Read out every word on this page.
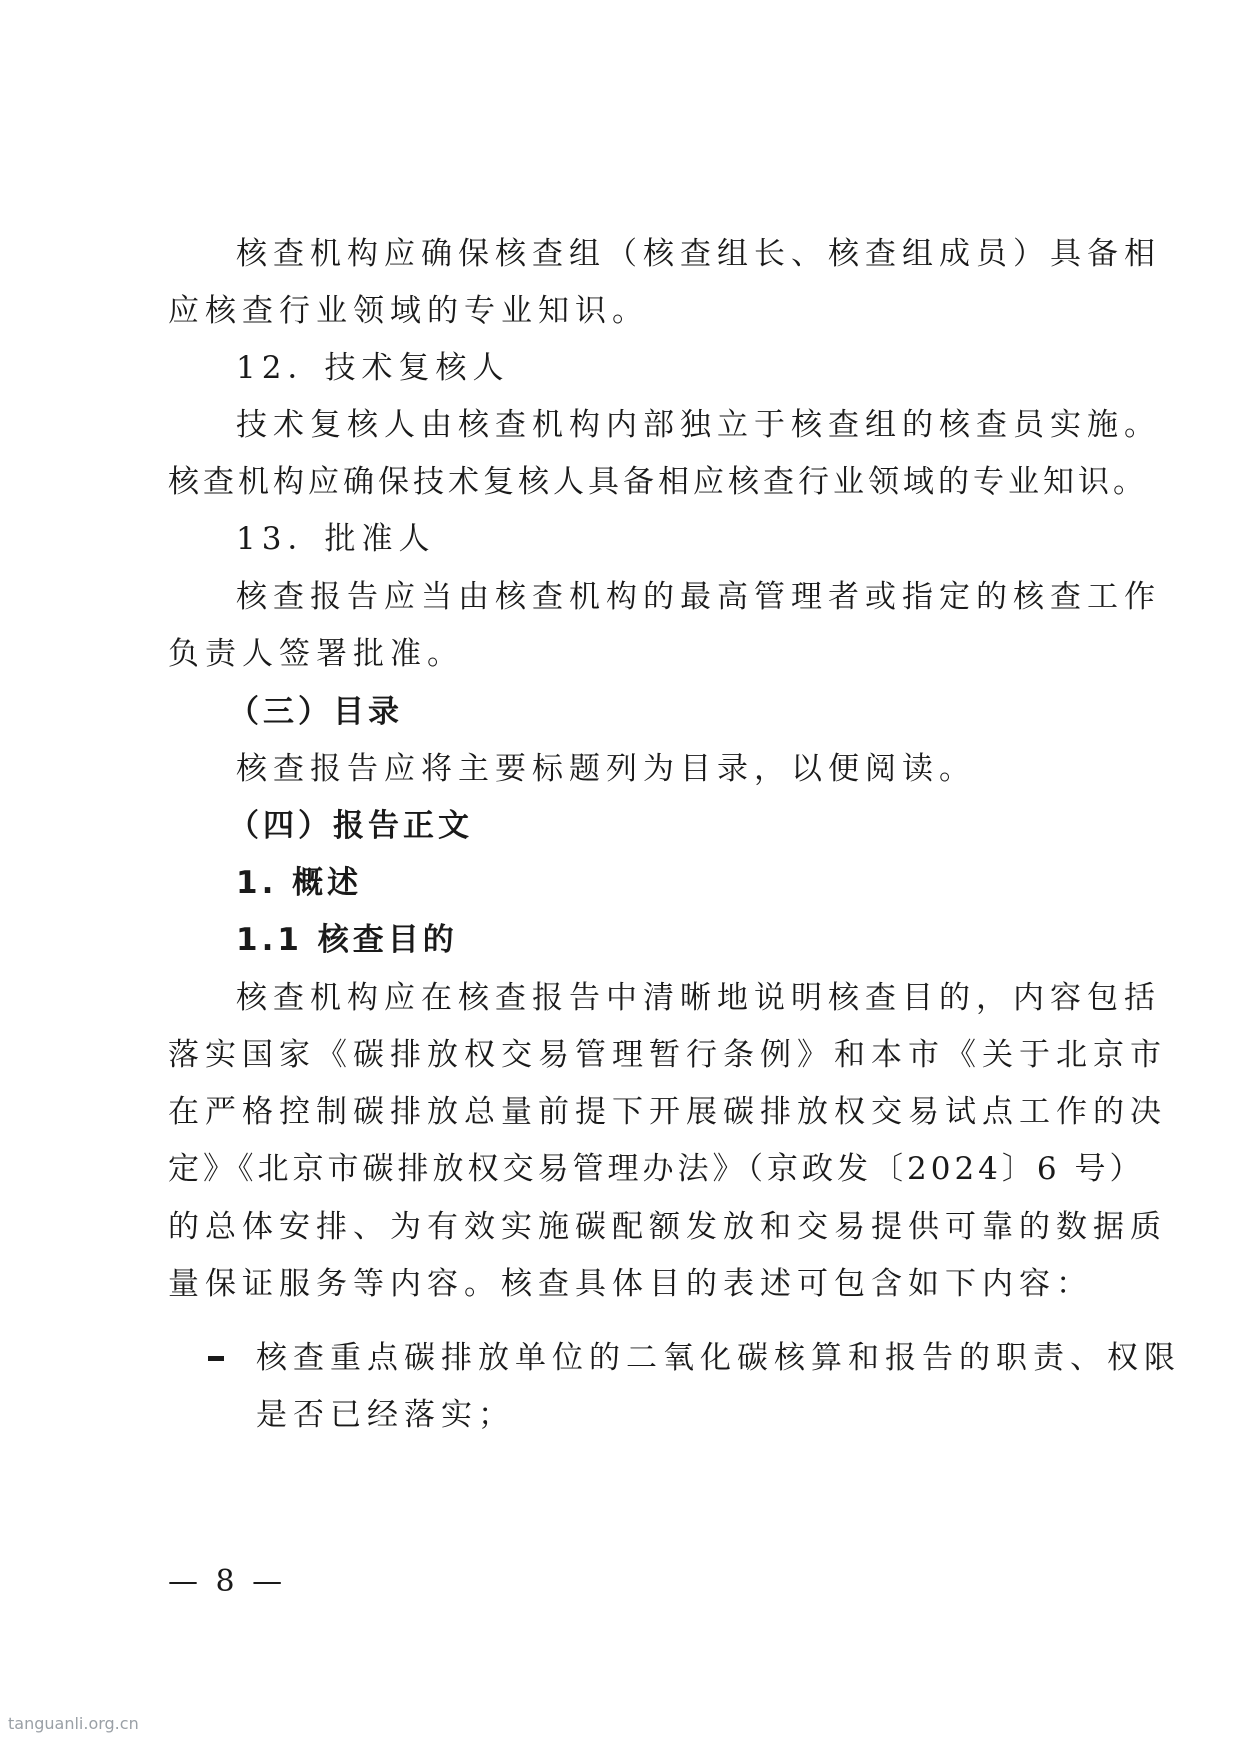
核查机构应确保核查组（核查组长、核查组成员）具备相
应核查行业领域的专业知识。
12．技术复核人
技术复核人由核查机构内部独立于核查组的核查员实施。
核查机构应确保技术复核人具备相应核查行业领域的专业知识。
13．批准人
核查报告应当由核查机构的最高管理者或指定的核查工作
负责人签署批准。
（三）目录
核查报告应将主要标题列为目录，以便阅读。
（四）报告正文
1. 概述
1.1 核查目的
核查机构应在核查报告中清晰地说明核查目的，内容包括
落实国家《碳排放权交易管理暂行条例》和本市《关于北京市
在严格控制碳排放总量前提下开展碳排放权交易试点工作的决
定》《北京市碳排放权交易管理办法》（京政发〔2024〕6 号）
的总体安排、为有效实施碳配额发放和交易提供可靠的数据质
量保证服务等内容。核查具体目的表述可包含如下内容：
核查重点碳排放单位的二氧化碳核算和报告的职责、权限
是否已经落实；
— 8 —
tanguanli.org.cn
